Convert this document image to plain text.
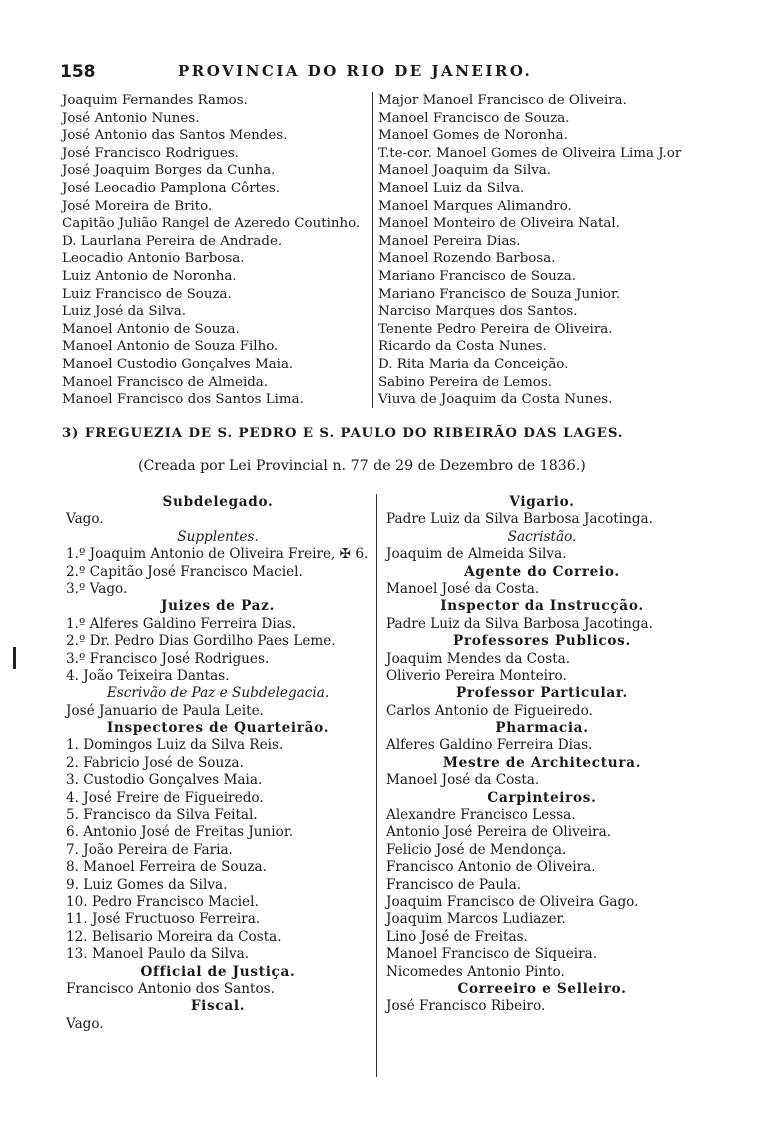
158	PROVINCIA DO RIO DE JANEIRO.
Joaquim Fernandes Ramos.
José Antonio Nunes.
José Antonio das Santos Mendes.
José Francisco Rodrigues.
José Joaquim Borges da Cunha.
José Leocadio Pamplona Côrtes.
José Moreira de Brito.
Capitão Julião Rangel de Azeredo Coutinho.
D. Laurlana Pereira de Andrade.
Leocadio Antonio Barbosa.
Luiz Antonio de Noronha.
Luiz Francisco de Souza.
Luiz José da Silva.
Manoel Antonio de Souza.
Manoel Antonio de Souza Filho.
Manoel Custodio Gonçalves Maia.
Manoel Francisco de Almeida.
Manoel Francisco dos Santos Lima.
Major Manoel Francisco de Oliveira.
Manoel Francisco de Souza.
Manoel Gomes de Noronha.
T.te-cor. Manoel Gomes de Oliveira Lima J.or
Manoel Joaquim da Silva.
Manoel Luiz da Silva.
Manoel Marques Alimandro.
Manoel Monteiro de Oliveira Natal.
Manoel Pereira Dias.
Manoel Rozendo Barbosa.
Mariano Francisco de Souza.
Mariano Francisco de Souza Junior.
Narciso Marques dos Santos.
Tenente Pedro Pereira de Oliveira.
Ricardo da Costa Nunes.
D. Rita Maria da Conceição.
Sabino Pereira de Lemos.
Viuva de Joaquim da Costa Nunes.
3) FREGUEZIA DE S. PEDRO E S. PAULO DO RIBEIRÃO DAS LAGES.
(Creada por Lei Provincial n. 77 de 29 de Dezembro de 1836.)
Subdelegado.
Vago.
Supplentes.
1.º Joaquim Antonio de Oliveira Freire, ✠ 6.
2.º Capitão José Francisco Maciel.
3.º Vago.
Juizes de Paz.
1.º Alferes Galdino Ferreira Dias.
2.º Dr. Pedro Dias Gordilho Paes Leme.
3.º Francisco José Rodrigues.
4. João Teixeira Dantas.
Escrivão de Paz e Subdelegacia.
José Januario de Paula Leite.
Inspectores de Quarteirão.
1. Domingos Luiz da Silva Reis.
2. Fabricio José de Souza.
3. Custodio Gonçalves Maia.
4. José Freire de Figueiredo.
5. Francisco da Silva Feital.
6. Antonio José de Freitas Junior.
7. João Pereira de Faria.
8. Manoel Ferreira de Souza.
9. Luiz Gomes da Silva.
10. Pedro Francisco Maciel.
11. José Fructuoso Ferreira.
12. Belisario Moreira da Costa.
13. Manoel Paulo da Silva.
Official de Justiça.
Francisco Antonio dos Santos.
Fiscal.
Vago.
Vigario.
Padre Luiz da Silva Barbosa Jacotinga.
Sacristão.
Joaquim de Almeida Silva.
Agente do Correio.
Manoel José da Costa.
Inspector da Instrucção.
Padre Luiz da Silva Barbosa Jacotinga.
Professores Publicos.
Joaquim Mendes da Costa.
Oliverio Pereira Monteiro.
Professor Particular.
Carlos Antonio de Figueiredo.
Pharmacia.
Alferes Galdino Ferreira Dias.
Mestre de Architectura.
Manoel José da Costa.
Carpinteiros.
Alexandre Francisco Lessa.
Antonio José Pereira de Oliveira.
Felicio José de Mendonça.
Francisco Antonio de Oliveira.
Francisco de Paula.
Joaquim Francisco de Oliveira Gago.
Joaquim Marcos Ludiazer.
Lino José de Freitas.
Manoel Francisco de Siqueira.
Nicomedes Antonio Pinto.
Correeiro e Selleiro.
José Francisco Ribeiro.
